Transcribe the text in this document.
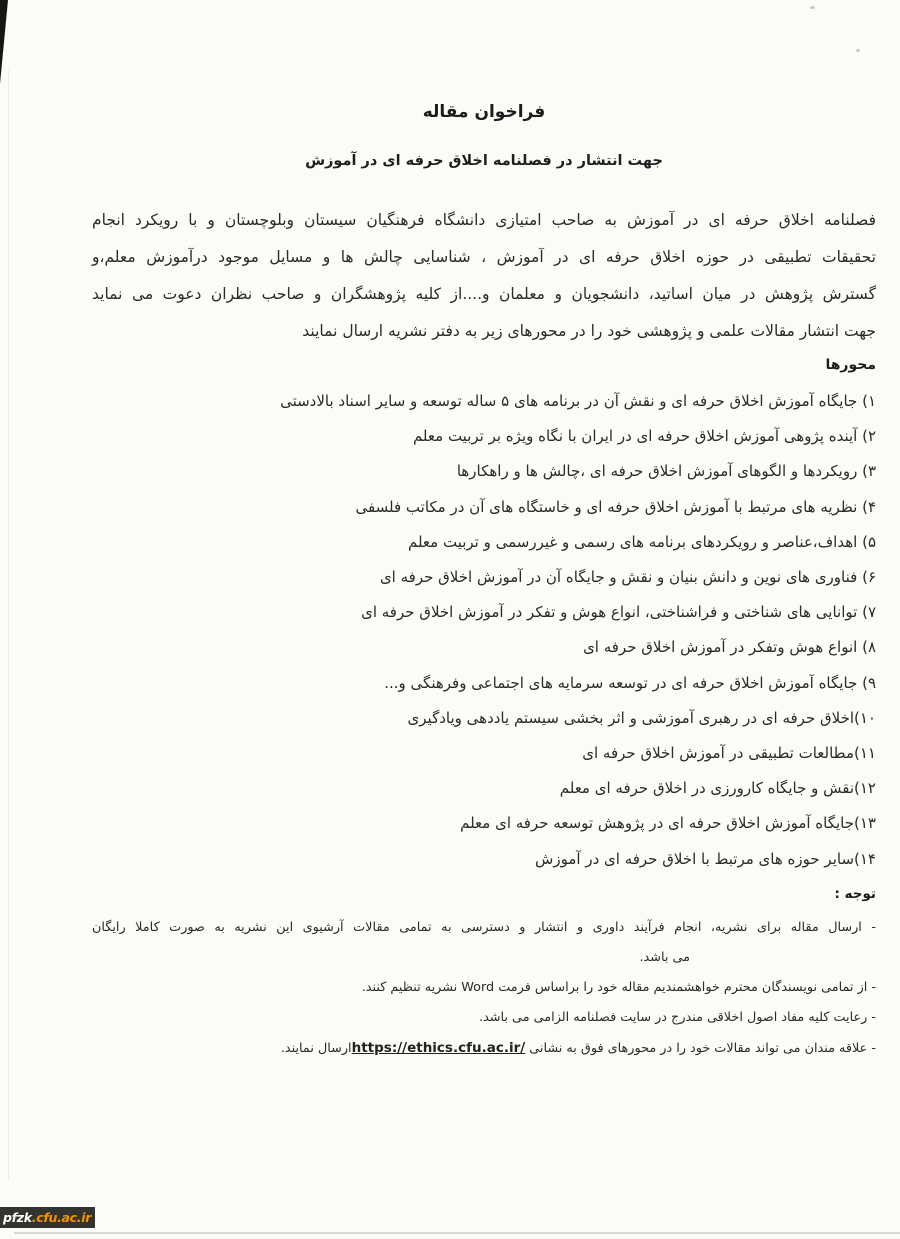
فراخوان مقاله
جهت انتشار در فصلنامه اخلاق حرفه ای در آموزش
فصلنامه اخلاق حرفه ای در آموزش به صاحب امتیازی دانشگاه فرهنگیان سیستان وبلوچستان و با رویکرد انجام
تحقیقات تطبیقی در حوزه اخلاق حرفه ای در آموزش ، شناسایی چالش ها و مسایل موجود درآموزش معلم،و
گسترش پژوهش در میان اساتید، دانشجویان و معلمان و....از کلیه پژوهشگران و صاحب نظران دعوت می نماید
جهت انتشار مقالات علمی و پژوهشی خود را در محورهای زیر به دفتر نشریه ارسال نمایند
محورها
۱) جایگاه آموزش اخلاق حرفه ای و نقش آن در برنامه های ۵ ساله توسعه و سایر اسناد بالادستی
۲) آینده پژوهی آموزش اخلاق حرفه ای در ایران با نگاه ویژه بر تربیت معلم
۳) رویکردها و الگوهای آموزش اخلاق حرفه ای ،چالش ها و راهکارها
۴) نظریه های مرتبط با آموزش اخلاق حرفه ای و خاستگاه های آن در مکاتب فلسفی
۵) اهداف،عناصر و رویکردهای برنامه های رسمی و غیررسمی و تربیت معلم
۶) فناوری های نوین و دانش بنیان و نقش و جایگاه آن در آموزش اخلاق حرفه ای
۷) توانایی های شناختی و فراشناختی، انواع هوش و تفکر در آموزش اخلاق حرفه ای
۸) انواع هوش وتفکر در آموزش اخلاق حرفه ای
۹) جایگاه آموزش اخلاق حرفه ای در توسعه سرمایه های اجتماعی وفرهنگی و...
۱۰)اخلاق حرفه ای در رهبری آموزشی و اثر بخشی سیستم یاددهی ویادگیری
۱۱)مطالعات تطبیقی در آموزش اخلاق حرفه ای
۱۲)نقش و جایگاه کارورزی در اخلاق حرفه ای معلم
۱۳)جایگاه آموزش اخلاق حرفه ای در پژوهش توسعه حرفه ای معلم
۱۴)سایر حوزه های مرتبط با اخلاق حرفه ای در آموزش
توجه :
- ارسال مقاله برای نشریه، انجام فرآیند داوری و انتشار و دسترسی به تمامی مقالات آرشیوی این نشریه به صورت کاملا رایگان
می باشد.
- از تمامی نویسندگان محترم خواهشمندیم مقاله خود را براساس فرمت Word نشریه تنظیم کنند.
- رعایت کلیه مفاد اصول اخلاقی مندرج در سایت فصلنامه الزامی می باشد.
- علاقه مندان می تواند مقالات خود را در محورهای فوق به نشانی https://ethics.cfu.ac.ir/ارسال نمایند.
pfzk .cfu.ac.ir
